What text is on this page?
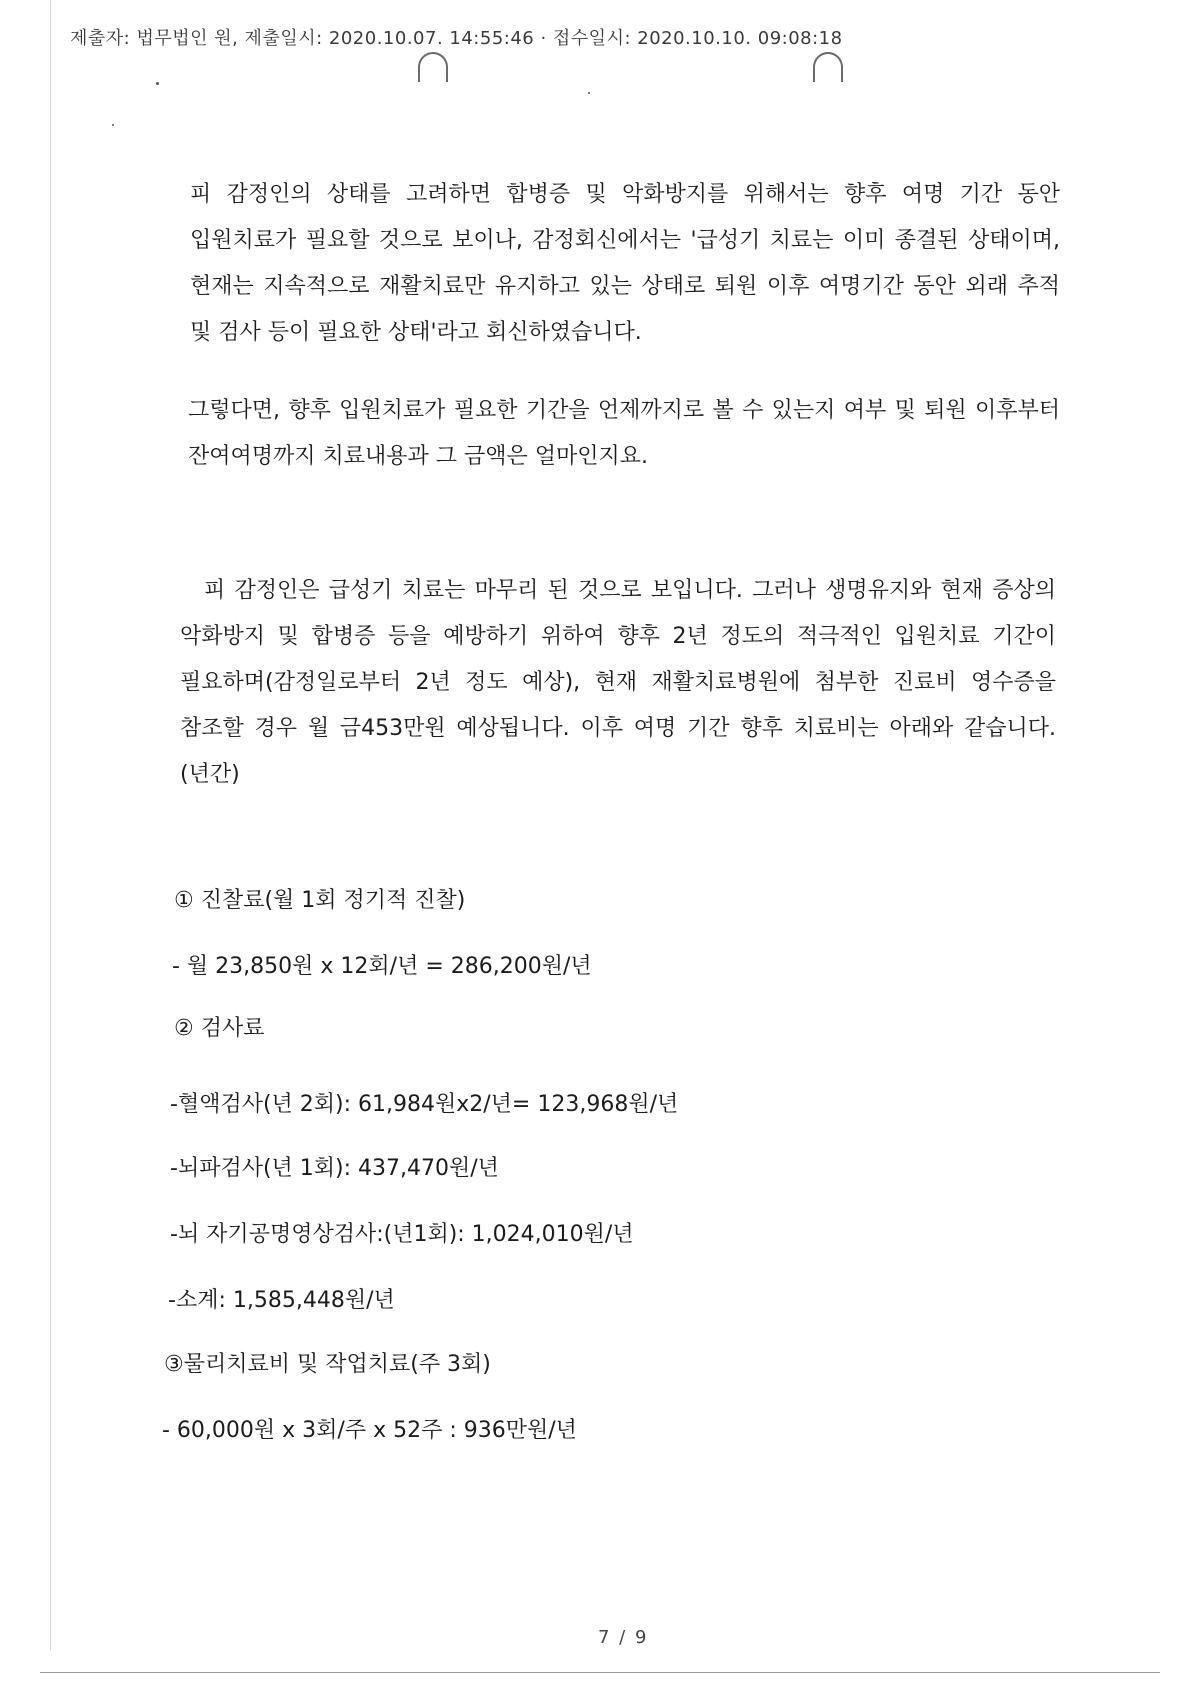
제출자: 법무법인 원, 제출일시: 2020.10.07. 14:55:46 · 접수일시: 2020.10.10. 09:08:18

피 감정인의 상태를 고려하면 합병증 및 악화방지를 위해서는 향후 여명 기간 동안 입원치료가 필요할 것으로 보이나, 감정회신에서는 '급성기 치료는 이미 종결된 상태이며, 현재는 지속적으로 재활치료만 유지하고 있는 상태로 퇴원 이후 여명기간 동안 외래 추적 및 검사 등이 필요한 상태'라고 회신하였습니다.

그렇다면, 향후 입원치료가 필요한 기간을 언제까지로 볼 수 있는지 여부 및 퇴원 이후부터 잔여여명까지 치료내용과 그 금액은 얼마인지요.

피 감정인은 급성기 치료는 마무리 된 것으로 보입니다. 그러나 생명유지와 현재 증상의 악화방지 및 합병증 등을 예방하기 위하여 향후 2년 정도의 적극적인 입원치료 기간이 필요하며(감정일로부터 2년 정도 예상), 현재 재활치료병원에 첨부한 진료비 영수증을 참조할 경우 월 금453만원 예상됩니다. 이후 여명 기간 향후 치료비는 아래와 같습니다.(년간)

① 진찰료(월 1회 정기적 진찰)

- 월 23,850원 x 12회/년 = 286,200원/년

② 검사료

-혈액검사(년 2회): 61,984원x2/년= 123,968원/년

-뇌파검사(년 1회): 437,470원/년

-뇌 자기공명영상검사:(년1회): 1,024,010원/년

-소계: 1,585,448원/년

③물리치료비 및 작업치료(주 3회)

- 60,000원 x 3회/주 x 52주 : 936만원/년

7 / 9
